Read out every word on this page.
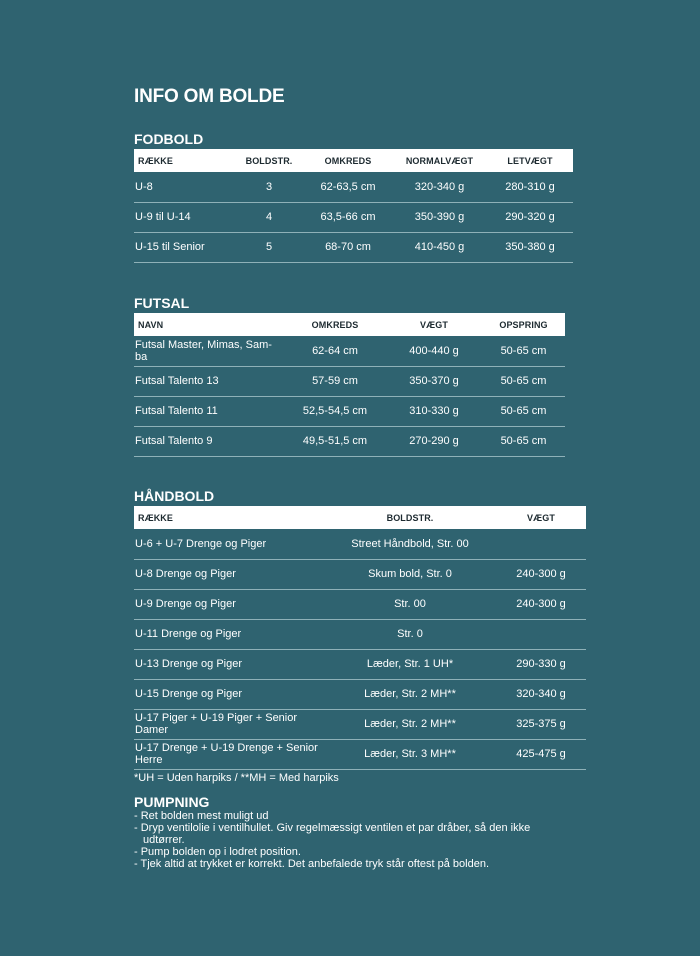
INFO OM BOLDE
FODBOLD
RÆKKE	BOLDSTR.	OMKREDS	NORMALVÆGT	LETVÆGT
U-8	3	62-63,5 cm	320-340 g	280-310 g
U-9 til U-14	4	63,5-66 cm	350-390 g	290-320 g
U-15 til Senior	5	68-70 cm	410-450 g	350-380 g
FUTSAL
NAVN	OMKREDS	VÆGT	OPSPRING
Futsal Master, Mimas, Sam-ba	62-64 cm	400-440 g	50-65 cm
Futsal Talento 13	57-59 cm	350-370 g	50-65 cm
Futsal Talento 11	52,5-54,5 cm	310-330 g	50-65 cm
Futsal Talento 9	49,5-51,5 cm	270-290 g	50-65 cm
HÅNDBOLD
RÆKKE	BOLDSTR.	VÆGT
U-6 + U-7 Drenge og Piger	Street Håndbold, Str. 00	
U-8 Drenge og Piger	Skum bold, Str. 0	240-300 g
U-9 Drenge og Piger	Str. 00	240-300 g
U-11 Drenge og Piger	Str. 0	
U-13 Drenge og Piger	Læder, Str. 1 UH*	290-330 g
U-15 Drenge og Piger	Læder, Str. 2 MH**	320-340 g
U-17 Piger + U-19 Piger + Senior Damer	Læder, Str. 2 MH**	325-375 g
U-17 Drenge + U-19 Drenge + Senior Herre	Læder, Str. 3 MH**	425-475 g
*UH = Uden harpiks / **MH = Med harpiks
PUMPNING
- Ret bolden mest muligt ud
- Dryp ventilolie i ventilhullet. Giv regelmæssigt ventilen et par dråber, så den ikke udtørrer.
- Pump bolden op i lodret position.
- Tjek altid at trykket er korrekt. Det anbefalede tryk står oftest på bolden.
